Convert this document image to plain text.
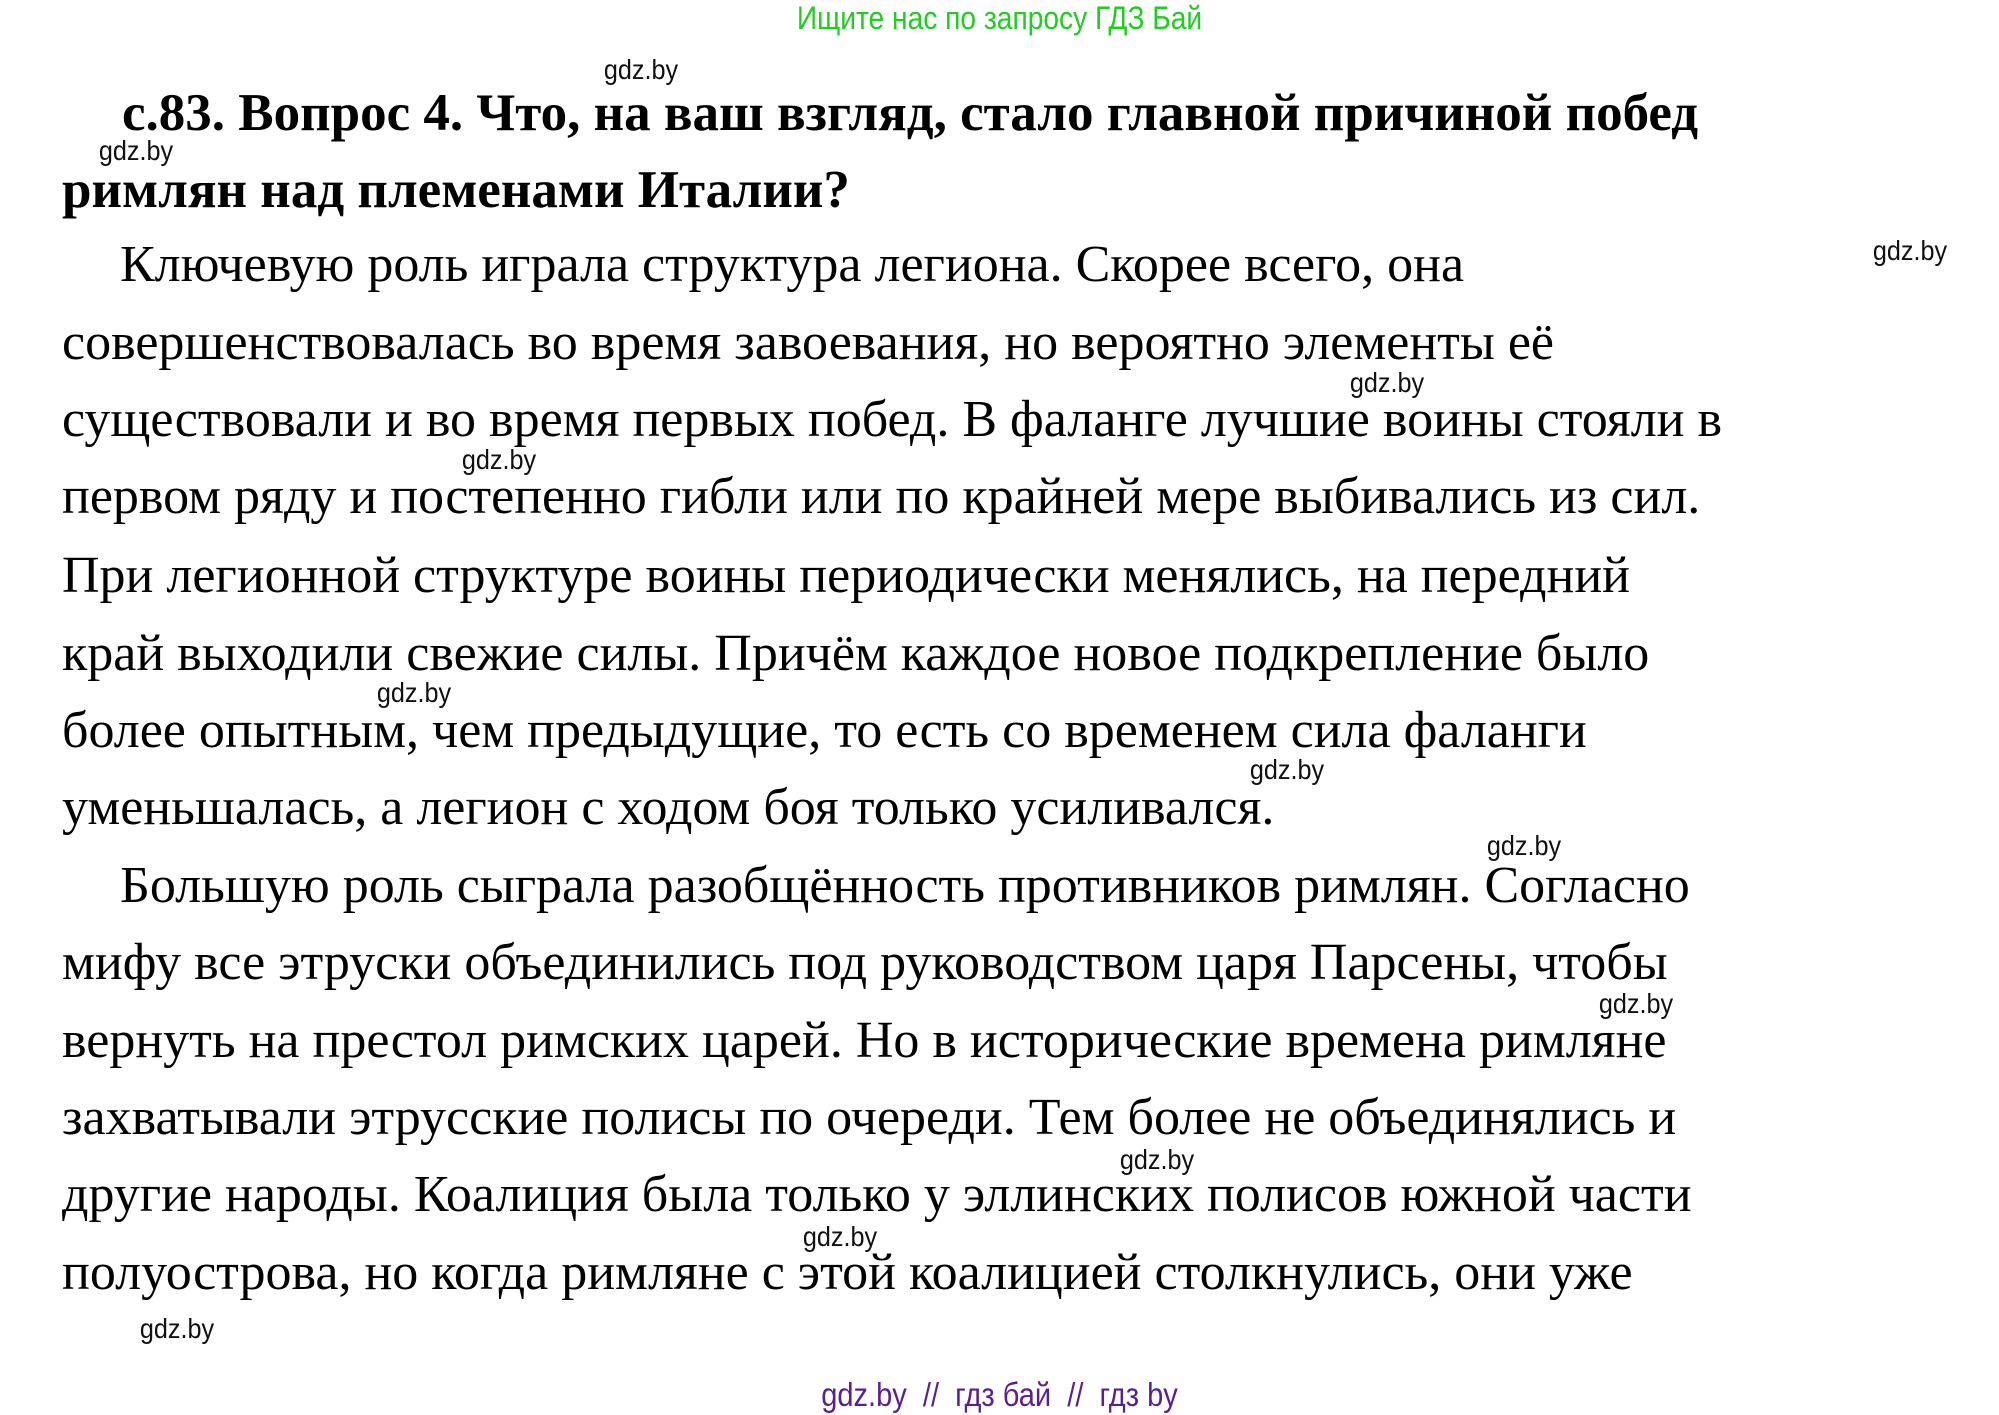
Ищите нас по запросу ГДЗ Бай
с.83. Вопрос 4. Что, на ваш взгляд, стало главной причиной побед
римлян над племенами Италии?
Ключевую роль играла структура легиона. Скорее всего, она
совершенствовалась во время завоевания, но вероятно элементы её
существовали и во время первых побед. В фаланге лучшие воины стояли в
первом ряду и постепенно гибли или по крайней мере выбивались из сил.
При легионной структуре воины периодически менялись, на передний
край выходили свежие силы. Причём каждое новое подкрепление было
более опытным, чем предыдущие, то есть со временем сила фаланги
уменьшалась, а легион с ходом боя только усиливался.
Большую роль сыграла разобщённость противников римлян. Согласно
мифу все этруски объединились под руководством царя Парсены, чтобы
вернуть на престол римских царей. Но в исторические времена римляне
захватывали этрусские полисы по очереди. Тем более не объединялись и
другие народы. Коалиция была только у эллинских полисов южной части
полуострова, но когда римляне с этой коалицией столкнулись, они уже
gdz.by
gdz.by
gdz.by
gdz.by
gdz.by
gdz.by
gdz.by
gdz.by
gdz.by
gdz.by
gdz.by
gdz.by
gdz.by  //  гдз бай  //  гдз by
